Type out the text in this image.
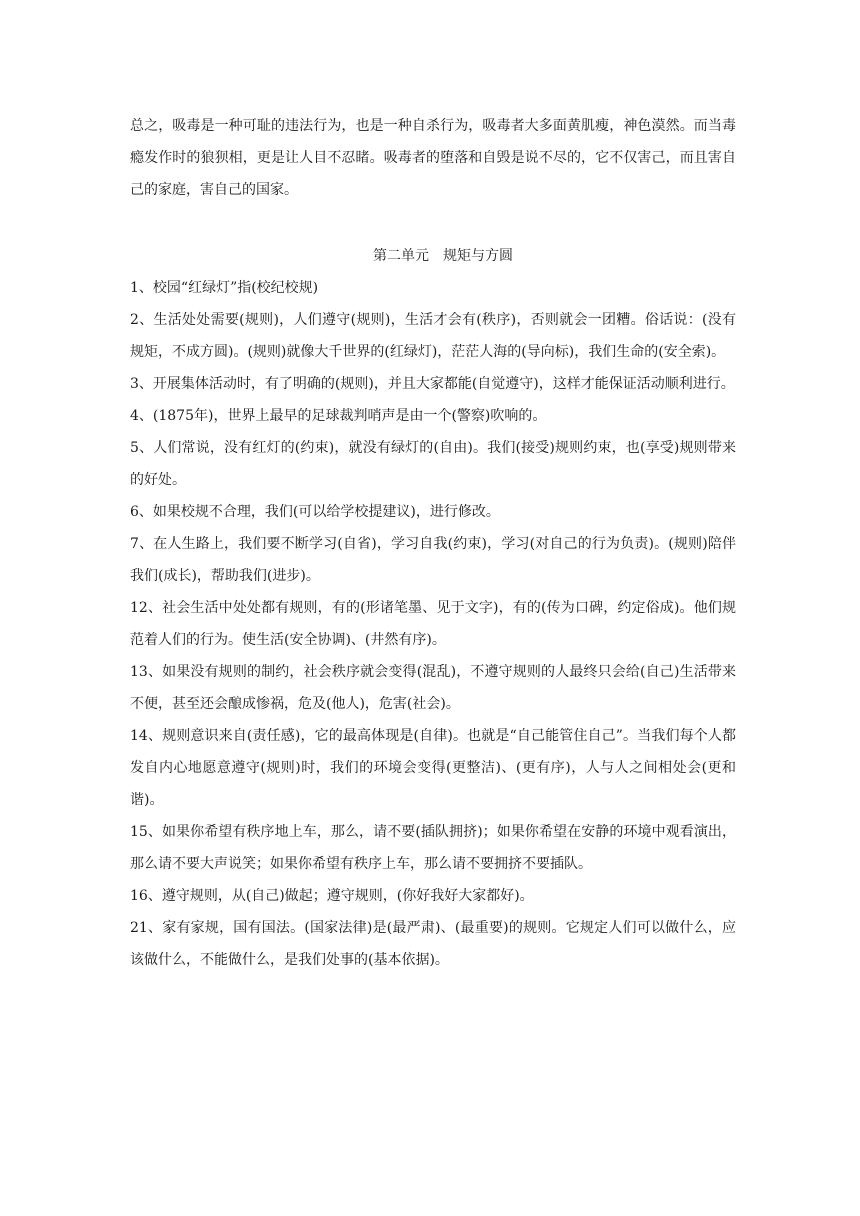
总之，吸毒是一种可耻的违法行为，也是一种自杀行为，吸毒者大多面黄肌瘦，神色漠然。而当毒瘾发作时的狼狈相，更是让人目不忍睹。吸毒者的堕落和自毁是说不尽的，它不仅害己，而且害自己的家庭，害自己的国家。

第二单元　规矩与方圆

1、校园“红绿灯”指(校纪校规)

2、生活处处需要(规则)，人们遵守(规则)，生活才会有(秩序)，否则就会一团糟。俗话说：(没有规矩，不成方圆)。(规则)就像大千世界的(红绿灯)，茫茫人海的(导向标)，我们生命的(安全索)。

3、开展集体活动时，有了明确的(规则)，并且大家都能(自觉遵守)，这样才能保证活动顺利进行。

4、(1875年)，世界上最早的足球裁判哨声是由一个(警察)吹响的。

5、人们常说，没有红灯的(约束)，就没有绿灯的(自由)。我们(接受)规则约束，也(享受)规则带来的好处。

6、如果校规不合理，我们(可以给学校提建议)，进行修改。

7、在人生路上，我们要不断学习(自省)，学习自我(约束)，学习(对自己的行为负责)。(规则)陪伴我们(成长)，帮助我们(进步)。

12、社会生活中处处都有规则，有的(形诸笔墨、见于文字)，有的(传为口碑，约定俗成)。他们规范着人们的行为。使生活(安全协调)、(井然有序)。

13、如果没有规则的制约，社会秩序就会变得(混乱)，不遵守规则的人最终只会给(自己)生活带来不便，甚至还会酿成惨祸，危及(他人)，危害(社会)。

14、规则意识来自(责任感)，它的最高体现是(自律)。也就是“自己能管住自己”。当我们每个人都发自内心地愿意遵守(规则)时，我们的环境会变得(更整洁)、(更有序)，人与人之间相处会(更和谐)。

15、如果你希望有秩序地上车，那么，请不要(插队拥挤)；如果你希望在安静的环境中观看演出，那么请不要大声说笑；如果你希望有秩序上车，那么请不要拥挤不要插队。

16、遵守规则，从(自己)做起；遵守规则，(你好我好大家都好)。

21、家有家规，国有国法。(国家法律)是(最严肃)、(最重要)的规则。它规定人们可以做什么，应该做什么，不能做什么，是我们处事的(基本依据)。
